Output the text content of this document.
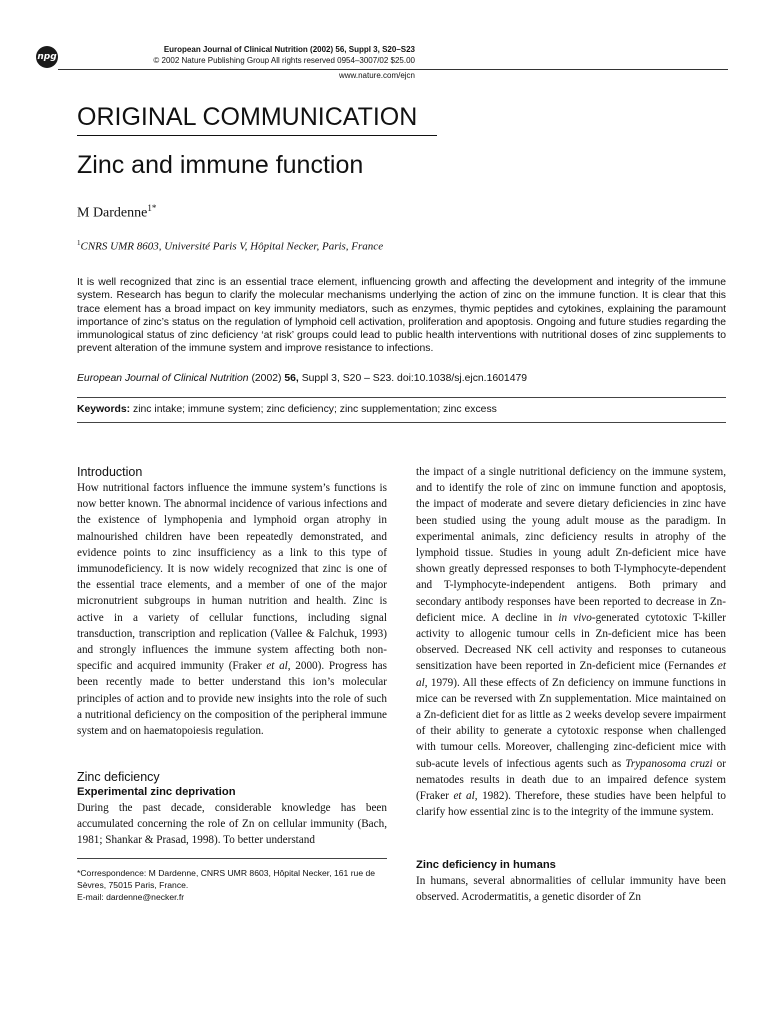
npg
European Journal of Clinical Nutrition (2002) 56, Suppl 3, S20–S23
© 2002 Nature Publishing Group All rights reserved 0954–3007/02 $25.00
www.nature.com/ejcn
ORIGINAL COMMUNICATION
Zinc and immune function
M Dardenne$^{1*}$
$^1$CNRS UMR 8603, Université Paris V, Hôpital Necker, Paris, France
It is well recognized that zinc is an essential trace element, influencing growth and affecting the development and integrity of the immune system. Research has begun to clarify the molecular mechanisms underlying the action of zinc on the immune function. It is clear that this trace element has a broad impact on key immunity mediators, such as enzymes, thymic peptides and cytokines, explaining the paramount importance of zinc’s status on the regulation of lymphoid cell activation, proliferation and apoptosis. Ongoing and future studies regarding the immunological status of zinc deficiency ‘at risk’ groups could lead to public health interventions with nutritional doses of zinc supplements to prevent alteration of the immune system and improve resistance to infections.
European Journal of Clinical Nutrition (2002) 56, Suppl 3, S20 – S23. doi:10.1038/sj.ejcn.1601479
Keywords: zinc intake; immune system; zinc deficiency; zinc supplementation; zinc excess
Introduction

How nutritional factors influence the immune system’s functions is now better known. The abnormal incidence of various infections and the existence of lymphopenia and lymphoid organ atrophy in malnourished children have been repeatedly demonstrated, and evidence points to zinc insufficiency as a link to this type of immunodeficiency. It is now widely recognized that zinc is one of the essential trace elements, and a member of one of the major micronutrient subgroups in human nutrition and health. Zinc is active in a variety of cellular functions, including signal transduction, transcription and replication (Vallee & Falchuk, 1993) and strongly influences the immune system affecting both non-specific and acquired immunity (Fraker et al, 2000). Progress has been recently made to better understand this ion’s molecular principles of action and to provide new insights into the role of such a nutritional deficiency on the composition of the peripheral immune system and on haematopoiesis regulation.

Zinc deficiency
Experimental zinc deprivation

During the past decade, considerable knowledge has been accumulated concerning the role of Zn on cellular immunity (Bach, 1981; Shankar & Prasad, 1998). To better understand

*Correspondence: M Dardenne, CNRS UMR 8603, Hôpital Necker, 161 rue de Sèvres, 75015 Paris, France.
E-mail: dardenne@necker.fr

the impact of a single nutritional deficiency on the immune system, and to identify the role of zinc on immune function and apoptosis, the impact of moderate and severe dietary deficiencies in zinc have been studied using the young adult mouse as the paradigm. In experimental animals, zinc deficiency results in atrophy of the lymphoid tissue. Studies in young adult Zn-deficient mice have shown greatly depressed responses to both T-lymphocyte-dependent and T-lymphocyte-independent antigens. Both primary and secondary antibody responses have been reported to decrease in Zn-deficient mice. A decline in in vivo-generated cytotoxic T-killer activity to allogenic tumour cells in Zn-deficient mice has been observed. Decreased NK cell activity and responses to cutaneous sensitization have been reported in Zn-deficient mice (Fernandes et al, 1979). All these effects of Zn deficiency on immune functions in mice can be reversed with Zn supplementation. Mice maintained on a Zn-deficient diet for as little as 2 weeks develop severe impairment of their ability to generate a cytotoxic response when challenged with tumour cells. Moreover, challenging zinc-deficient mice with sub-acute levels of infectious agents such as Trypanosoma cruzi or nematodes results in death due to an impaired defence system (Fraker et al, 1982). Therefore, these studies have been helpful to clarify how essential zinc is to the integrity of the immune system.

Zinc deficiency in humans

In humans, several abnormalities of cellular immunity have been observed. Acrodermatitis, a genetic disorder of Zn
